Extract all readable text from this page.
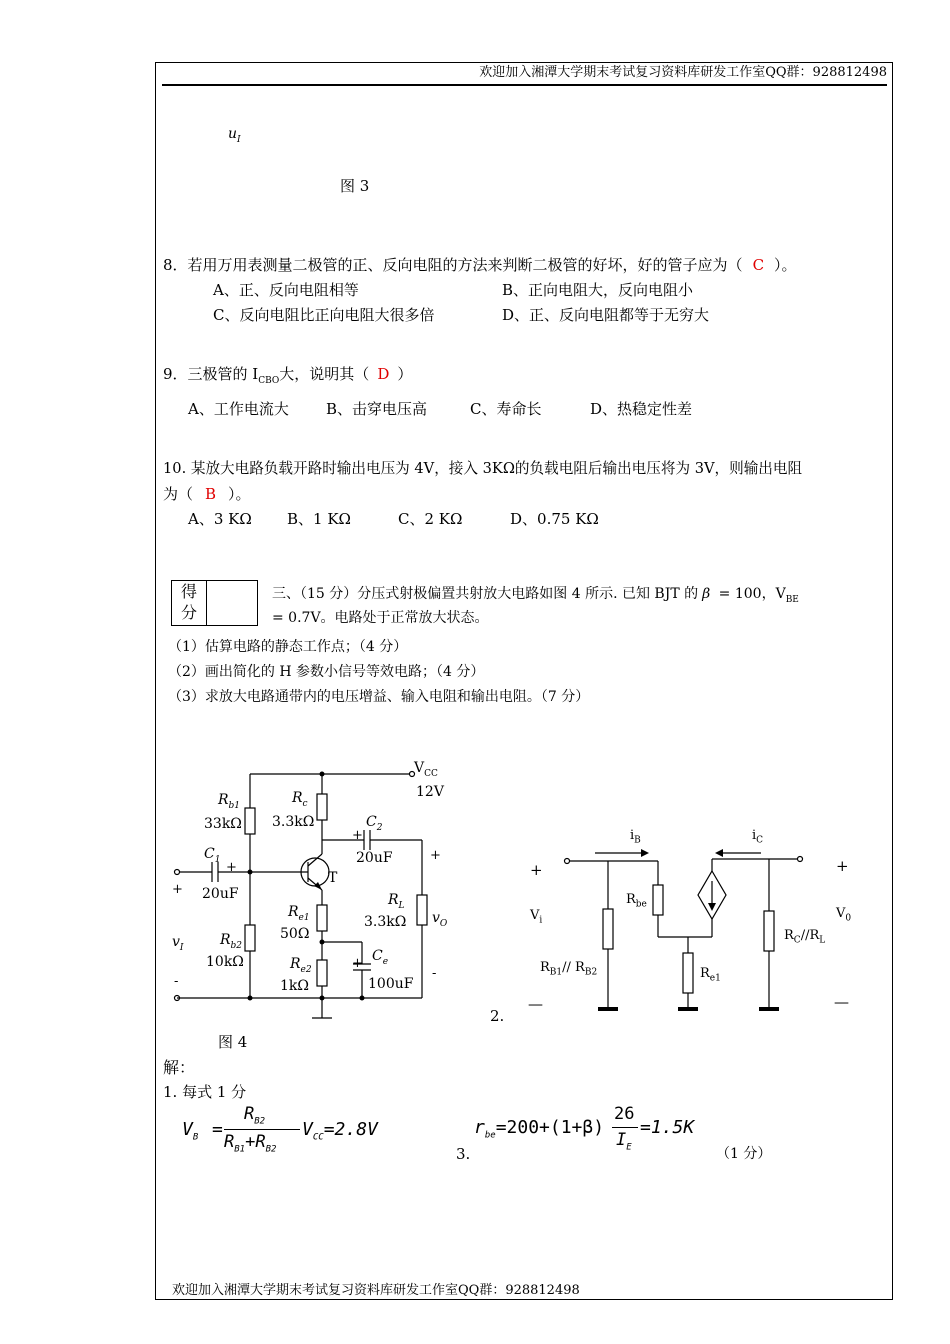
欢迎加入湘潭大学期末考试复习资料库研发工作室QQ群：928812498
$u_I$
图 3
8．若用万用表测量二极管的正、反向电阻的方法来判断二极管的好坏，好的管子应为（ C ）。
A、正、反向电阻相等	B、正向电阻大，反向电阻小
C、反向电阻比正向电阻大很多倍	D、正、反向电阻都等于无穷大
9．三极管的 $I_{CBO}$大，说明其（ D ）
A、工作电流大 B、击穿电压高	C、寿命长	D、热稳定性差
10. 某放大电路负载开路时输出电压为 4V，接入 3KΩ的负载电阻后输出电压将为 3V，则输出电阻
为（ B ）。
A、3 KΩ B、1 KΩ	C、2 KΩ	D、0.75 KΩ
得
分
三、（15 分）分压式射极偏置共射放大电路如图 4 所示. 已知 BJT 的 β = 100，$V_{BE}$
= 0.7V。电路处于正常放大状态。
（1）估算电路的静态工作点；（4 分）
（2）画出简化的 H 参数小信号等效电路；（4 分）
（3）求放大电路通带内的电压增益、输入电阻和输出电阻。（7 分）
$V_{CC}$
12V
$R_{b1}$
33kΩ
$R_c$
3.3kΩ	$C_2$
+
20uF	+
$C_1$
+
+ 20uF
T
$R_{e1}$
50Ω
$R_L$
3.3kΩ $v_O$
$v_I$	$R_{b2}$
10kΩ	$R_{e2}$
1kΩ
$C_e$
+
100uF
-
-
图 4
2.
$i_B$	$i_C$
+	+
$V_i$	$V_0$
$R_{be}$
$R_{B1}//$ $R_{B2}$	$R_{e1}$
$R_C//R_L$
—	—
解：
1. 每式 1 分
$V_B$ =
$R_{B2}$
$R_{B1}+R_{B2}$
$V_{CC}=2.8V$
3.
$r_{be}=200+(1+\beta)$
26
$I_E$
=1.5K
（1 分）
欢迎加入湘潭大学期末考试复习资料库研发工作室QQ群：928812498
